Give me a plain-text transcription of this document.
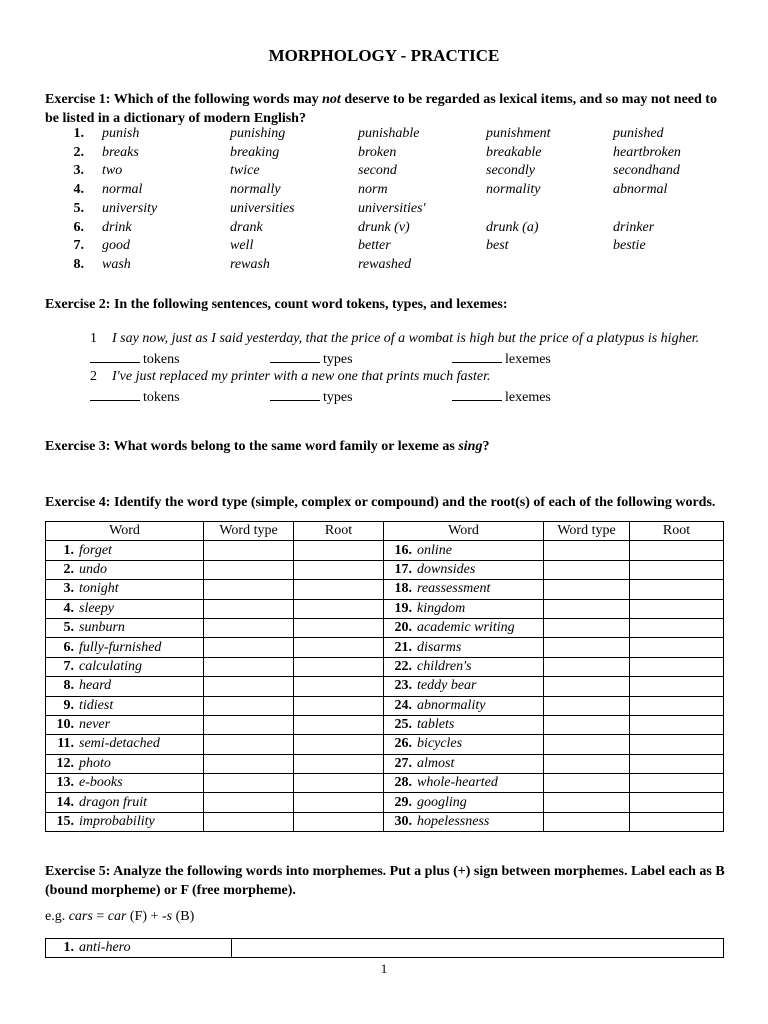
MORPHOLOGY - PRACTICE
Exercise 1: Which of the following words may not deserve to be regarded as lexical items, and so may not need to be listed in a dictionary of modern English?
1. punish	punishing	punishable	punishment	punished
2. breaks	breaking	broken	breakable	heartbroken
3. two	twice	second	secondly	secondhand
4. normal	normally	norm	normality	abnormal
5. university	universities	universities'
6. drink	drank	drunk (v)	drunk (a)	drinker
7. good	well	better	best	bestie
8. wash	rewash	rewashed
Exercise 2: In the following sentences, count word tokens, types, and lexemes:
1 I say now, just as I said yesterday, that the price of a wombat is high but the price of a platypus is higher.
tokens	types	lexemes
2 I've just replaced my printer with a new one that prints much faster.
tokens	types	lexemes
Exercise 3: What words belong to the same word family or lexeme as sing?
Exercise 4: Identify the word type (simple, complex or compound) and the root(s) of each of the following words.
Word	Word type	Root	Word	Word type	Root
1. forget			16. online		
2. undo			17. downsides		
3. tonight			18. reassessment		
4. sleepy			19. kingdom		
5. sunburn			20. academic writing		
6. fully-furnished			21. disarms		
7. calculating			22. children's		
8. heard			23. teddy bear		
9. tidiest			24. abnormality		
10. never			25. tablets		
11. semi-detached			26. bicycles		
12. photo			27. almost		
13. e-books			28. whole-hearted		
14. dragon fruit			29. googling		
15. improbability			30. hopelessness		
Exercise 5: Analyze the following words into morphemes. Put a plus (+) sign between morphemes. Label each as B (bound morpheme) or F (free morpheme).
e.g. cars = car (F) + -s (B)
1. anti-hero	
1
